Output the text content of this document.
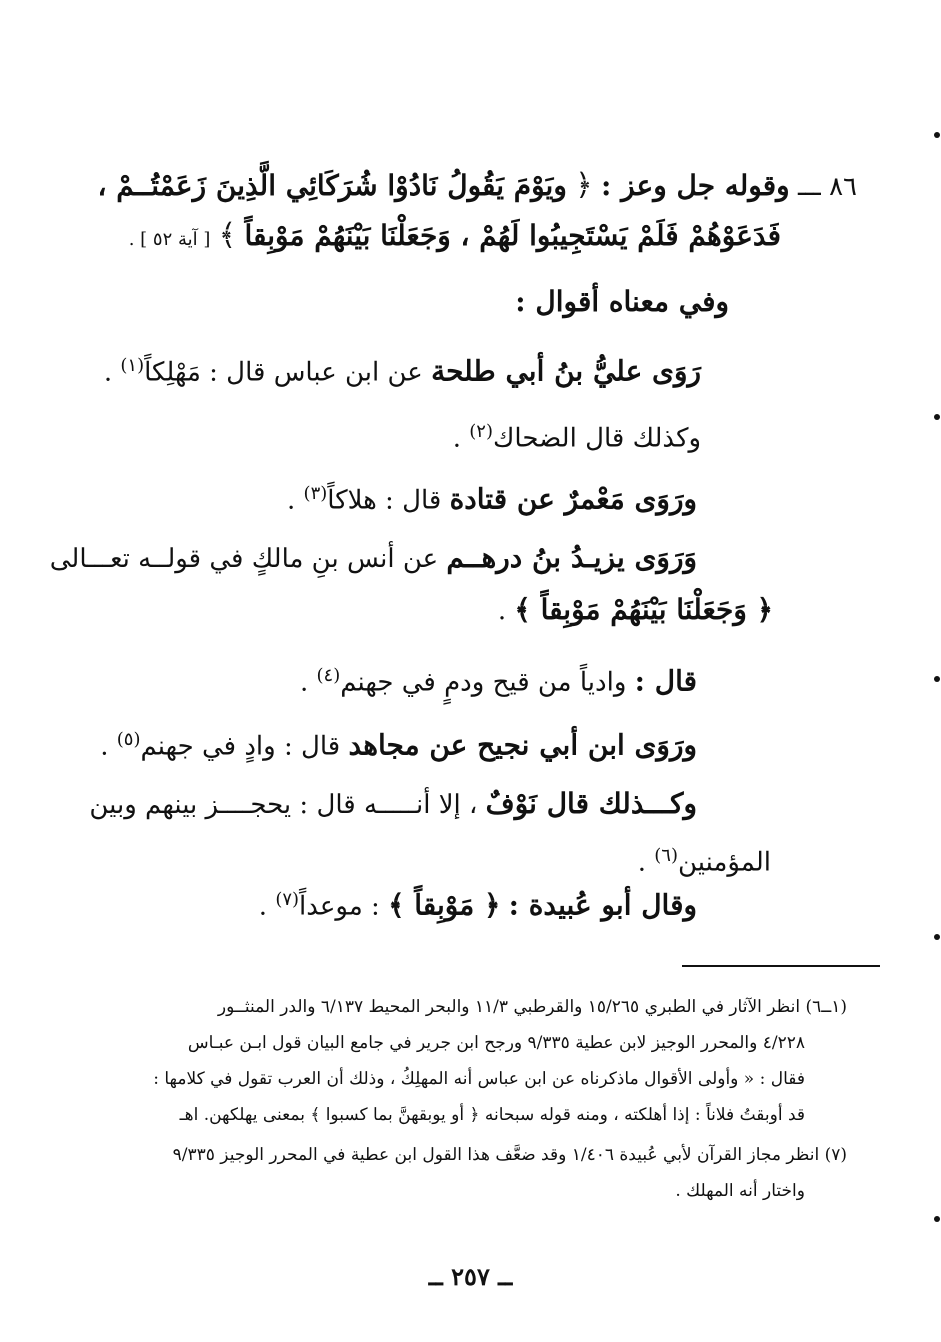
٨٦ ـــ وقوله جل وعز : ﴿ ويَوْمَ يَقُولُ نَادُوْا شُرَكَائِي الَّذِينَ زَعَمْتُــمْ ،
فَدَعَوْهُمْ فَلَمْ يَسْتَجِيبُوا لَهُمْ ، وَجَعَلْنَا بَيْنَهُمْ مَوْبِقاً ﴾ [ آية ٥٢ ] .
وفي معناه أقوال :
رَوَى عليُّ بنُ أبي طلحة عن ابن عباس قال : مَهْلِكاً$^{(١)}$ .
وكذلك قال الضحاك$^{(٢)}$ .
ورَوَى مَعْمرٌ عن قتادة قال : هلاكاً$^{(٣)}$ .
وَرَوَى يزيـدُ بنُ درهــم عن أنس بنِ مالكٍ في قولــه تعـــالى
﴿ وَجَعَلْنَا بَيْنَهُمْ مَوْبِقاً ﴾ .
قال : وادياً من قيح ودمٍ في جهنم$^{(٤)}$ .
ورَوَى ابن أبي نجيح عن مجاهد قال : وادٍ في جهنم$^{(٥)}$ .
وكـــذلك قال نَوْفٌ ، إلا أنـــــه قال : يحجــــز بينهم وبين
المؤمنين$^{(٦)}$ .
وقال أبو عُبيدة : ﴿ مَوْبِقاً ﴾ : موعداً$^{(٧)}$ .
(١ــ٦) انظر الآثار في الطبري ١٥/٢٦٥ والقرطبي ١١/٣ والبحر المحيط ٦/١٣٧ والدر المنثــور
٤/٢٢٨ والمحرر الوجيز لابن عطية ٩/٣٣٥ ورجح ابن جرير في جامع البيان قول ابـن عبـاس
فقال : « وأولى الأقوال ماذكرناه عن ابن عباس أنه المهلِكُ ، وذلك أن العرب تقول في كلامها :
قد أوبقتُ فلاناً : إذا أهلكته ، ومنه قوله سبحانه ﴿ أو يوبقهنَّ بما كسبوا ﴾ بمعنى يهلكهن. اهـ
(٧) انظر مجاز القرآن لأبي عُبيدة ١/٤٠٦ وقد ضعَّف هذا القول ابن عطية في المحرر الوجيز ٩/٣٣٥
واختار أنه المهلك .
ــ ٢٥٧ ــ
